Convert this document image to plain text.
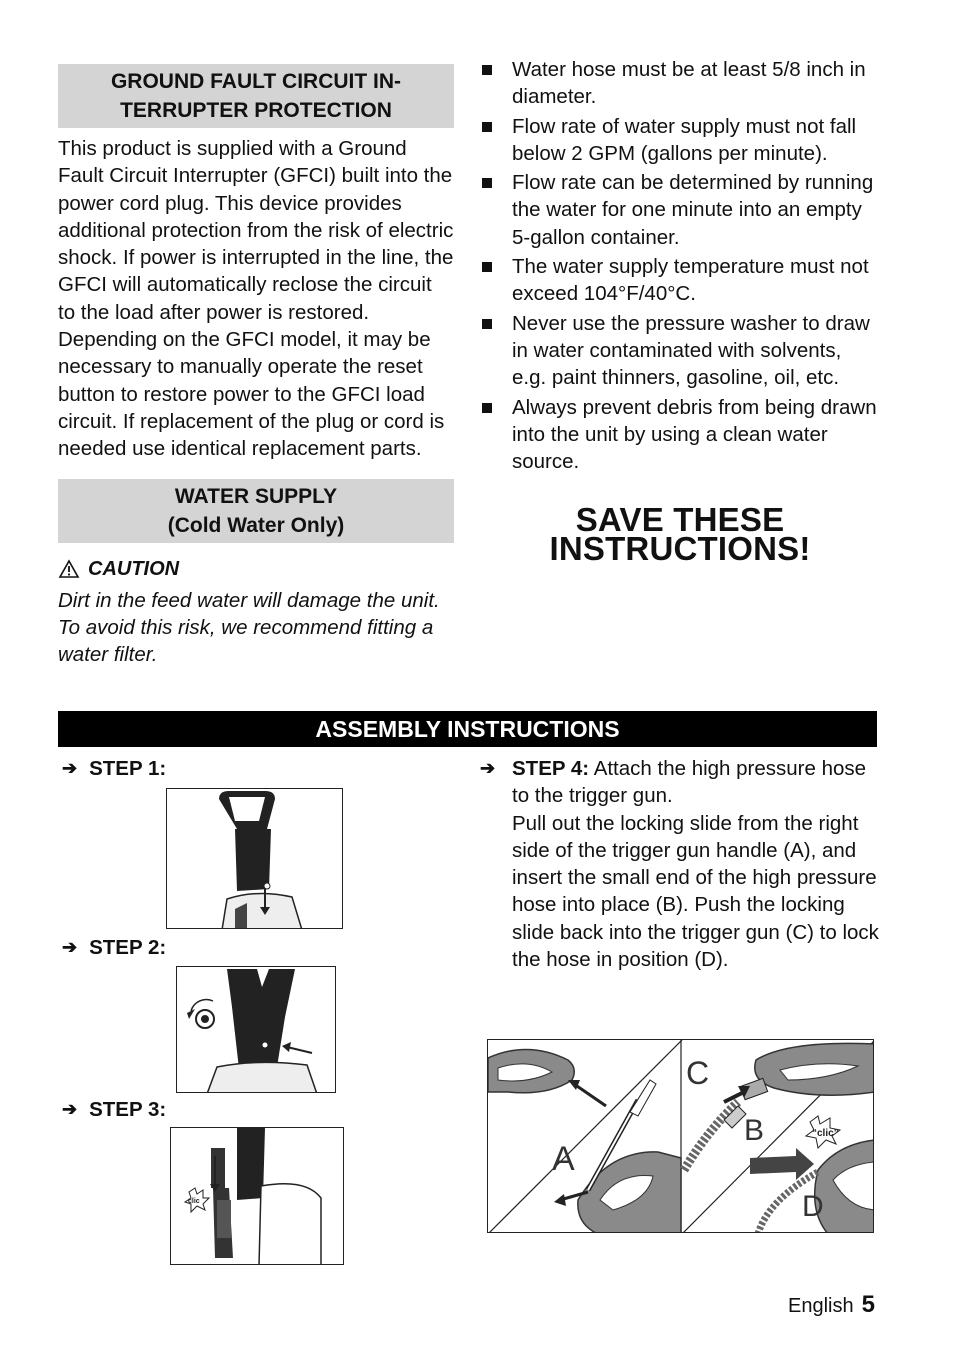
GROUND FAULT CIRCUIT IN-
TERRUPTER PROTECTION

This product is supplied with a Ground Fault Circuit Interrupter (GFCI) built into the power cord plug. This device provides additional protection from the risk of electric shock. If power is interrupted in the line, the GFCI will automatically reclose the circuit to the load after power is restored. Depending on the GFCI model, it may be necessary to manually operate the reset button to restore power to the GFCI load circuit. If replacement of the plug or cord is needed use identical replacement parts.

WATER SUPPLY
(Cold Water Only)
CAUTION

Dirt in the feed water will damage the unit. To avoid this risk, we recommend fitting a water filter.

Water hose must be at least 5/8 inch in diameter.
Flow rate of water supply must not fall below 2 GPM (gallons per minute).
Flow rate can be determined by running the water for one minute into an empty 5-gallon container.
The water supply temperature must not exceed 104°F/40°C.
Never use the pressure washer to draw in water contaminated with solvents, e.g. paint thinners, gasoline, oil, etc.
Always prevent debris from being drawn into the unit by using a clean water source.
SAVE THESE
INSTRUCTIONS!
ASSEMBLY INSTRUCTIONS
➔ STEP 1:
➔ STEP 2:
➔ STEP 3:
clic
➔ STEP 4: Attach the high pressure hose to the trigger gun.
Pull out the locking slide from the right side of the trigger gun handle (A), and insert the small end of the high pressure hose into place (B). Push the locking slide back into the trigger gun (C) to lock the hose in position (D).
“clic”
A
C
B
D
English 5
